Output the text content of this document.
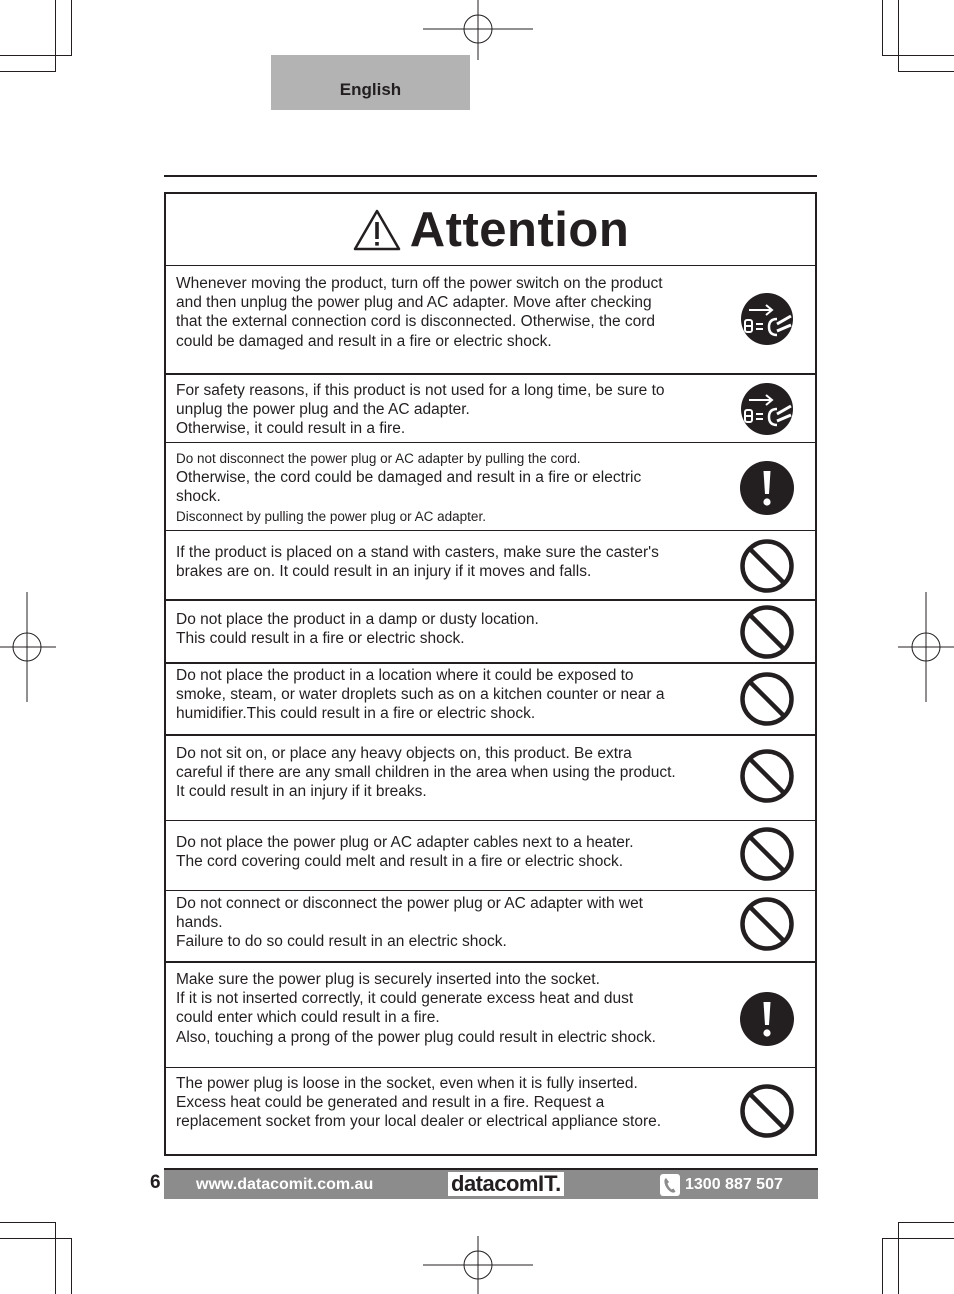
English
Attention
Whenever moving the product, turn off the power switch on the product
and then unplug the power plug and AC adapter. Move after checking
that the external connection cord is disconnected. Otherwise, the cord
could be damaged and result in a fire or electric shock.
For safety reasons, if this product is not used for a long time, be sure to
unplug the power plug and the AC adapter.
Otherwise, it could result in a fire.
Do not disconnect the power plug or AC adapter by pulling the cord.
Otherwise, the cord could be damaged and result in a fire or electric
shock.
Disconnect by pulling the power plug or AC adapter.
If the product is placed on a stand with casters, make sure the caster's
brakes are on. It could result in an injury if it moves and falls.
Do not place the product in a damp or dusty location.
This could result in a fire or electric shock.
Do not place the product in a location where it could be exposed to
smoke, steam, or water droplets such as on a kitchen counter or near a
humidifier.This could result in a fire or electric shock.
Do not sit on, or place any heavy objects on, this product. Be extra
careful if there are any small children in the area when using the product.
It could result in an injury if it breaks.
Do not place the power plug or AC adapter cables next to a heater.
The cord covering could melt and result in a fire or electric shock.
Do not connect or disconnect the power plug or AC adapter with wet
hands.
Failure to do so could result in an electric shock.
Make sure the power plug is securely inserted into the socket.
If it is not inserted correctly, it could generate excess heat and dust
could enter which could result in a fire.
Also, touching a prong of the power plug could result in electric shock.
The power plug is loose in the socket, even when it is fully inserted.
Excess heat could be generated and result in a fire. Request a
replacement socket from your local dealer or electrical appliance store.
6 www.datacomit.com.au	datacomIT.	1300 887 507
